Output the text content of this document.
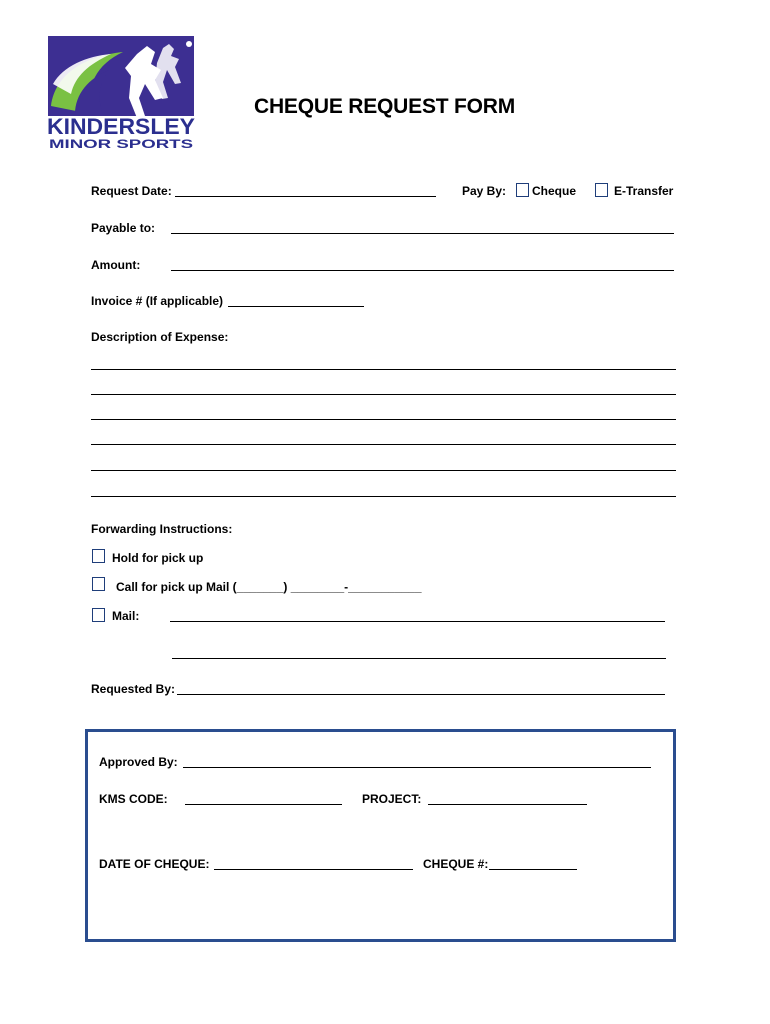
KINDERSLEY
MINOR SPORTS
CHEQUE REQUEST FORM
Request Date:	Pay By: Cheque	E-Transfer
Payable to:
Amount:
Invoice # (If applicable)
Description of Expense:
Forwarding Instructions:
Hold for pick up
Call for pick up Mail (_______) ________-___________
Mail:
Requested By:
Approved By:
KMS CODE:	PROJECT:
DATE OF CHEQUE:	CHEQUE #:
